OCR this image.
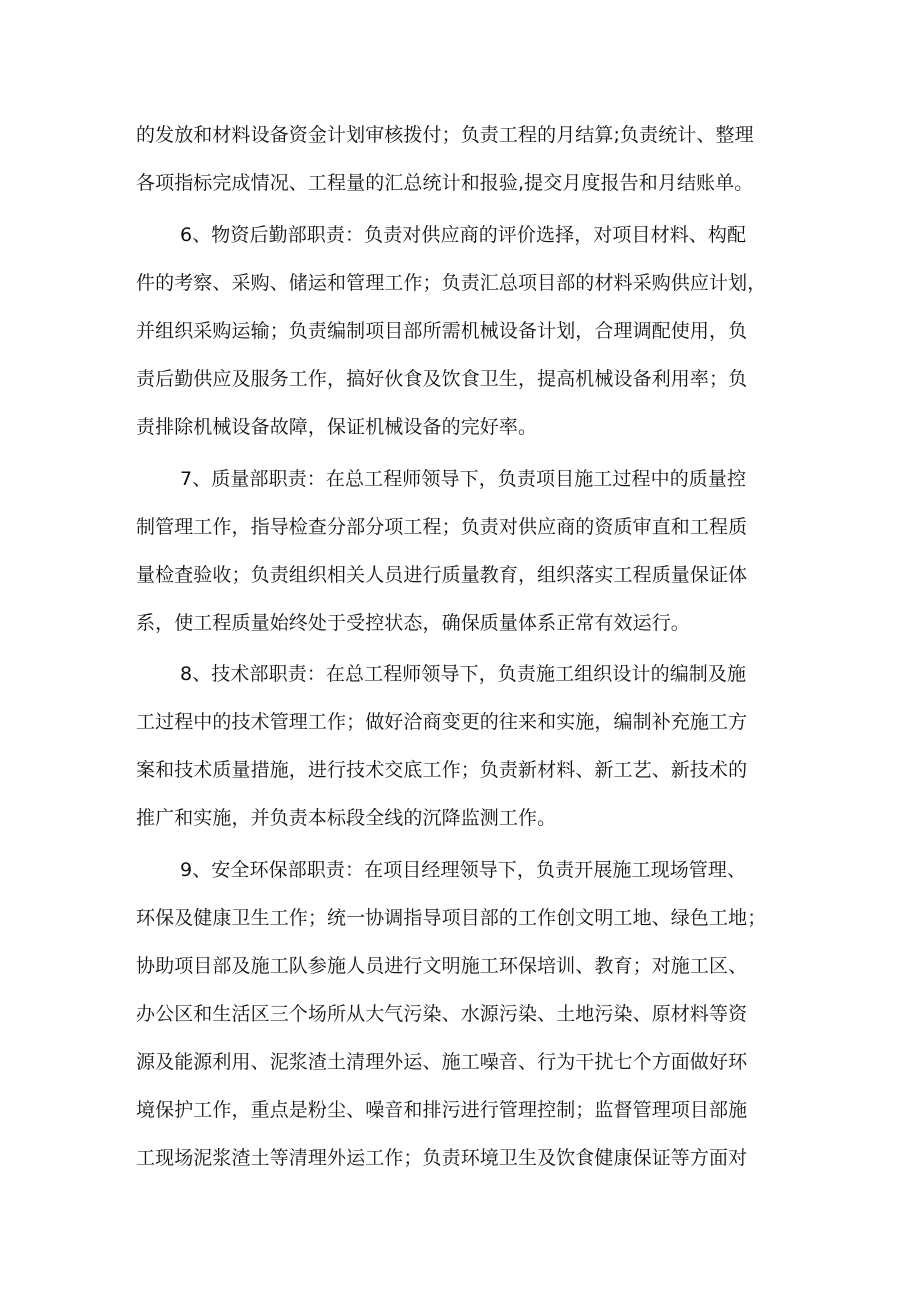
的发放和材料设备资金计划审核拨付；负责工程的月结算;负责统计、整理
各项指标完成情况、工程量的汇总统计和报验,提交月度报告和月结账单。
6、物资后勤部职责：负责对供应商的评价选择，对项目材料、构配
件的考察、采购、储运和管理工作；负责汇总项目部的材料采购供应计划，
并组织采购运输；负责编制项目部所需机械设备计划，合理调配使用，负
责后勤供应及服务工作，搞好伙食及饮食卫生，提高机械设备利用率；负
责排除机械设备故障，保证机械设备的完好率。
7、质量部职责：在总工程师领导下，负责项目施工过程中的质量控
制管理工作，指导检查分部分项工程；负责对供应商的资质审直和工程质
量检査验收；负责组织相关人员进行质量教育，组织落实工程质量保证体
系，使工程质量始终处于受控状态，确保质量体系正常有效运行。
8、技术部职责：在总工程师领导下，负责施工组织设计的编制及施
工过程中的技术管理工作；做好洽商变更的往来和实施，编制补充施工方
案和技术质量措施，进行技术交底工作；负责新材料、新工艺、新技术的
推广和实施，并负责本标段全线的沉降监测工作。
9、安全环保部职责：在项目经理领导下，负责开展施工现场管理、
环保及健康卫生工作；统一协调指导项目部的工作创文明工地、绿色工地；
协助项目部及施工队参施人员进行文明施工环保培训、教育；对施工区、
办公区和生活区三个场所从大气污染、水源污染、土地污染、原材料等资
源及能源利用、泥浆渣土清理外运、施工噪音、行为干扰七个方面做好环
境保护工作，重点是粉尘、噪音和排污进行管理控制；监督管理项目部施
工现场泥浆渣土等清理外运工作；负责环境卫生及饮食健康保证等方面对
